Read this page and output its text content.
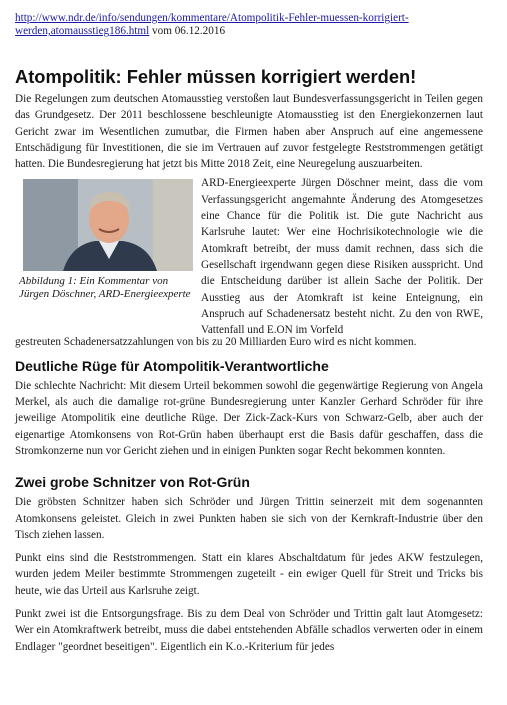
http://www.ndr.de/info/sendungen/kommentare/Atompolitik-Fehler-muessen-korrigiert-werden,atomausstieg186.html vom 06.12.2016
Atompolitik: Fehler müssen korrigiert werden!

Die Regelungen zum deutschen Atomausstieg verstoßen laut Bundesverfassungsgericht in Teilen gegen das Grundgesetz. Der 2011 beschlossene beschleunigte Atomausstieg ist den Energiekonzernen laut Gericht zwar im Wesentlichen zumutbar, die Firmen haben aber Anspruch auf eine angemessene Entschädigung für Investitionen, die sie im Vertrauen auf zuvor festgelegte Reststrommengen getätigt hatten. Die Bundesregierung hat jetzt bis Mitte 2018 Zeit, eine Neuregelung auszuarbeiten.

Abbildung 1: Ein Kommentar von Jürgen Döschner, ARD-Energieexperte
ARD-Energieexperte Jürgen Döschner meint, dass die vom Verfassungsgericht angemahnte Änderung des Atomgesetzes eine Chance für die Politik ist. Die gute Nachricht aus Karlsruhe lautet: Wer eine Hochrisikotechnologie wie die Atomkraft betreibt, der muss damit rechnen, dass sich die Gesellschaft irgendwann gegen diese Risiken ausspricht. Und die Entscheidung darüber ist allein Sache der Politik. Der Ausstieg aus der Atomkraft ist keine Enteignung, ein Anspruch auf Schadenersatz besteht nicht. Zu den von RWE, Vattenfall und E.ON im Vorfeld

gestreuten Schadenersatzzahlungen von bis zu 20 Milliarden Euro wird es nicht kommen.

Deutliche Rüge für Atompolitik-Verantwortliche

Die schlechte Nachricht: Mit diesem Urteil bekommen sowohl die gegenwärtige Regierung von Angela Merkel, als auch die damalige rot-grüne Bundesregierung unter Kanzler Gerhard Schröder für ihre jeweilige Atompolitik eine deutliche Rüge. Der Zick-Zack-Kurs von Schwarz-Gelb, aber auch der eigenartige Atomkonsens von Rot-Grün haben überhaupt erst die Basis dafür geschaffen, dass die Stromkonzerne nun vor Gericht ziehen und in einigen Punkten sogar Recht bekommen konnten.

Zwei grobe Schnitzer von Rot-Grün

Die gröbsten Schnitzer haben sich Schröder und Jürgen Trittin seinerzeit mit dem sogenannten Atomkonsens geleistet. Gleich in zwei Punkten haben sie sich von der Kernkraft-Industrie über den Tisch ziehen lassen.

Punkt eins sind die Reststrommengen. Statt ein klares Abschaltdatum für jedes AKW festzulegen, wurden jedem Meiler bestimmte Strommengen zugeteilt - ein ewiger Quell für Streit und Tricks bis heute, wie das Urteil aus Karlsruhe zeigt.

Punkt zwei ist die Entsorgungsfrage. Bis zu dem Deal von Schröder und Trittin galt laut Atomgesetz: Wer ein Atomkraftwerk betreibt, muss die dabei entstehenden Abfälle schadlos verwerten oder in einem Endlager "geordnet beseitigen". Eigentlich ein K.o.-Kriterium für jedes
